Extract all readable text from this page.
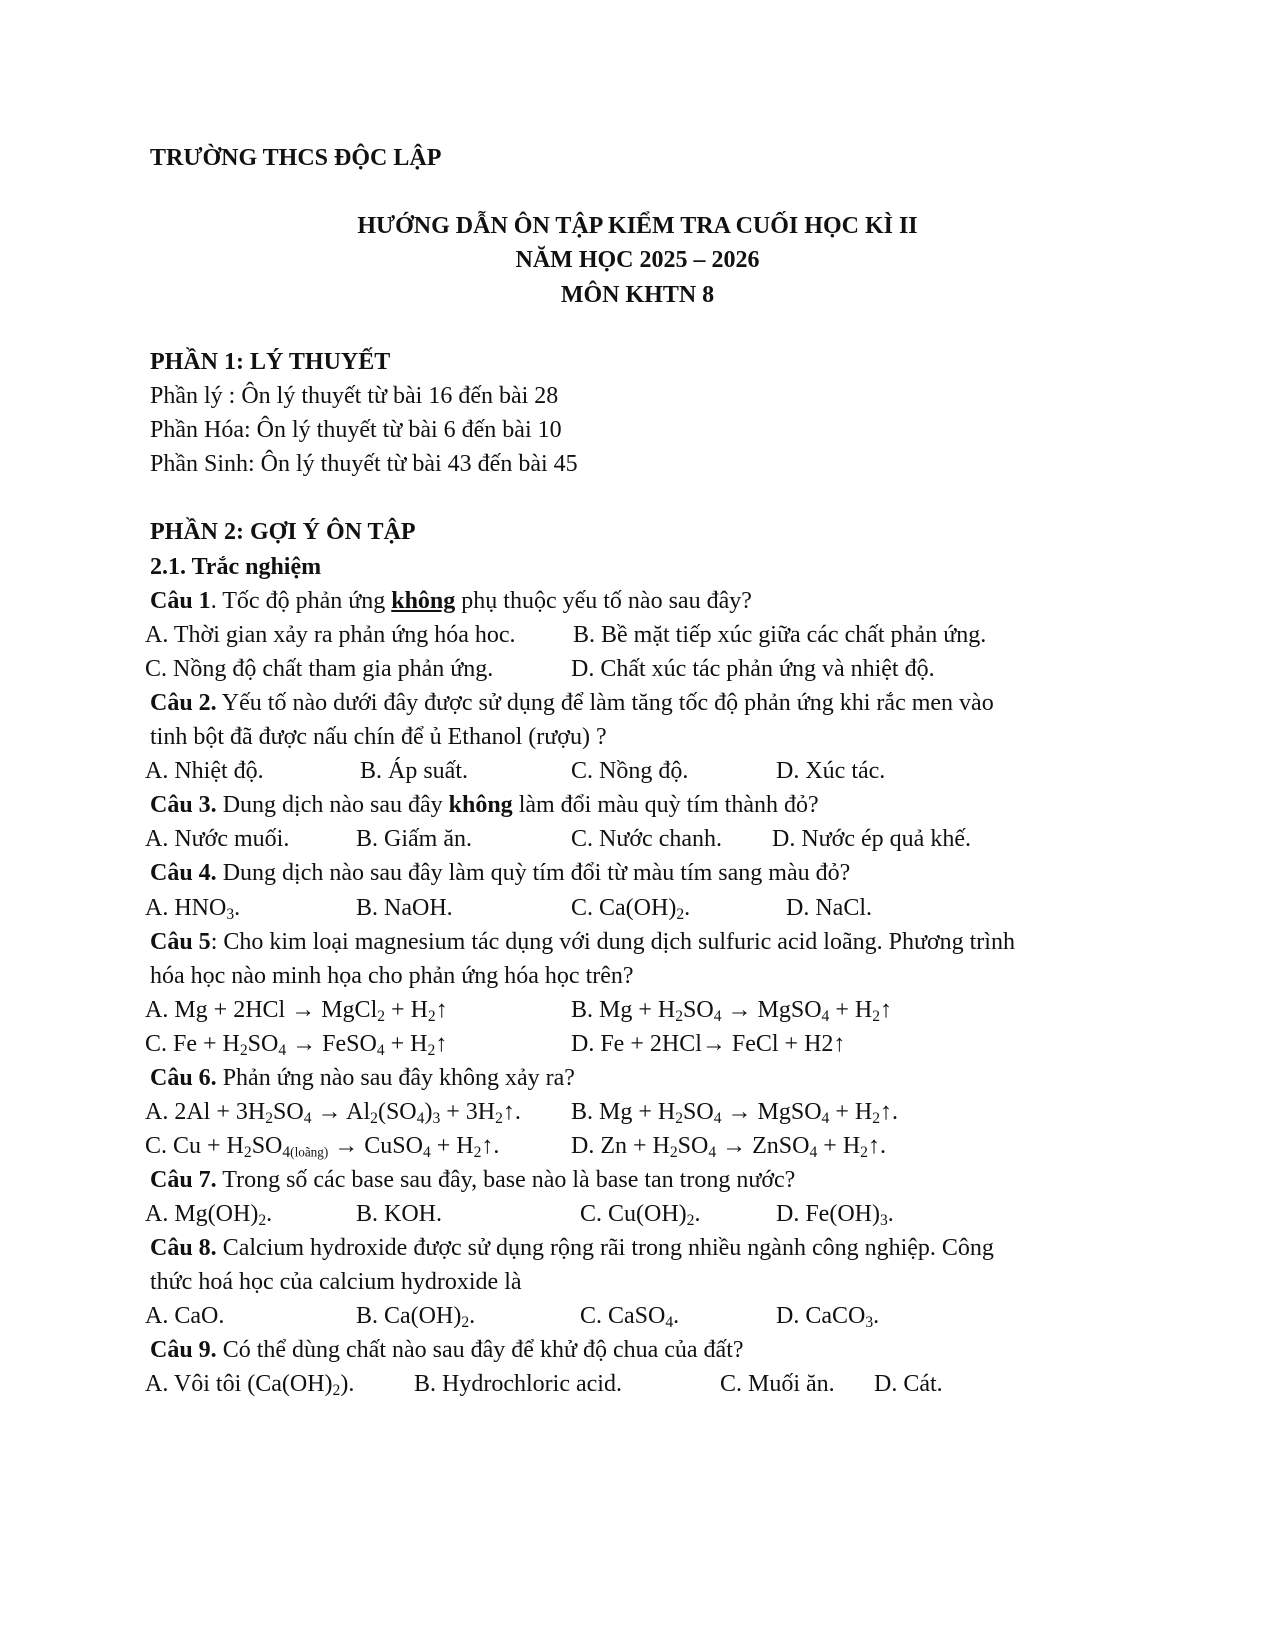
TRƯỜNG THCS ĐỘC LẬP
HƯỚNG DẪN ÔN TẬP KIỂM TRA CUỐI HỌC KÌ II
NĂM HỌC 2025 – 2026
MÔN KHTN 8
PHẦN 1: LÝ THUYẾT
Phần lý : Ôn lý thuyết từ bài 16 đến bài 28
Phần Hóa: Ôn lý thuyết từ bài 6 đến bài 10
Phần Sinh: Ôn lý thuyết từ bài 43 đến bài 45
PHẦN 2: GỢI Ý ÔN TẬP
2.1. Trắc nghiệm
Câu 1. Tốc độ phản ứng không phụ thuộc yếu tố nào sau đây?
A. Thời gian xảy ra phản ứng hóa hoc. B. Bề mặt tiếp xúc giữa các chất phản ứng.
C. Nồng độ chất tham gia phản ứng.	D. Chất xúc tác phản ứng và nhiệt độ.
Câu 2. Yếu tố nào dưới đây được sử dụng để làm tăng tốc độ phản ứng khi rắc men vào
tinh bột đã được nấu chín để ủ Ethanol (rượu) ?
A. Nhiệt độ.	B. Áp suất.	C. Nồng độ.	D. Xúc tác.
Câu 3. Dung dịch nào sau đây không làm đổi màu quỳ tím thành đỏ?
A. Nước muối.	B. Giấm ăn.	C. Nước chanh. D. Nước ép quả khế.
Câu 4. Dung dịch nào sau đây làm quỳ tím đổi từ màu tím sang màu đỏ?
A. $HNO_3$.	B. NaOH.	C. $Ca(OH)_2$.	D. NaCl.
Câu 5: Cho kim loại magnesium tác dụng với dung dịch sulfuric acid loãng. Phương trình
hóa học nào minh họa cho phản ứng hóa học trên?
A. Mg + 2HCl → MgCl$_2$ + $H_2↑$	B. $Mg + H_2SO_4$ → MgSO$_4$ + $H_2↑$
C. $Fe + H_2SO_4$ → FeSO$_4$ + $H_2↑$	D. Fe + 2HCl→ FeCl + H2↑
Câu 6. Phản ứng nào sau đây không xảy ra?
A. $2Al + 3H_2SO_4 \to Al_2(SO_4)_3$ + $3H_2↑$. B. $Mg + H_2SO_4$ → MgSO$_4$ + $H_2↑$.
C. $Cu + H_2SO_{4(loãng)}$ → CuSO$_4$ + $H_2↑$.	D. $Zn + H_2SO_4$ → ZnSO$_4$ + $H_2↑$.
Câu 7. Trong số các base sau đây, base nào là base tan trong nước?
A. $Mg(OH)_2$.	B. KOH.	C. $Cu(OH)_2$.	D. $Fe(OH)_3$.
Câu 8. Calcium hydroxide được sử dụng rộng rãi trong nhiều ngành công nghiệp. Công
thức hoá học của calcium hydroxide là
A. CaO.	B. $Ca(OH)_2$.	C. CaSO$_4$.	D. CaCO$_3$.
Câu 9. Có thể dùng chất nào sau đây để khử độ chua của đất?
A. Vôi tôi $(Ca(OH)_2)$. B. Hydrochloric acid.	C. Muối ăn. D. Cát.
